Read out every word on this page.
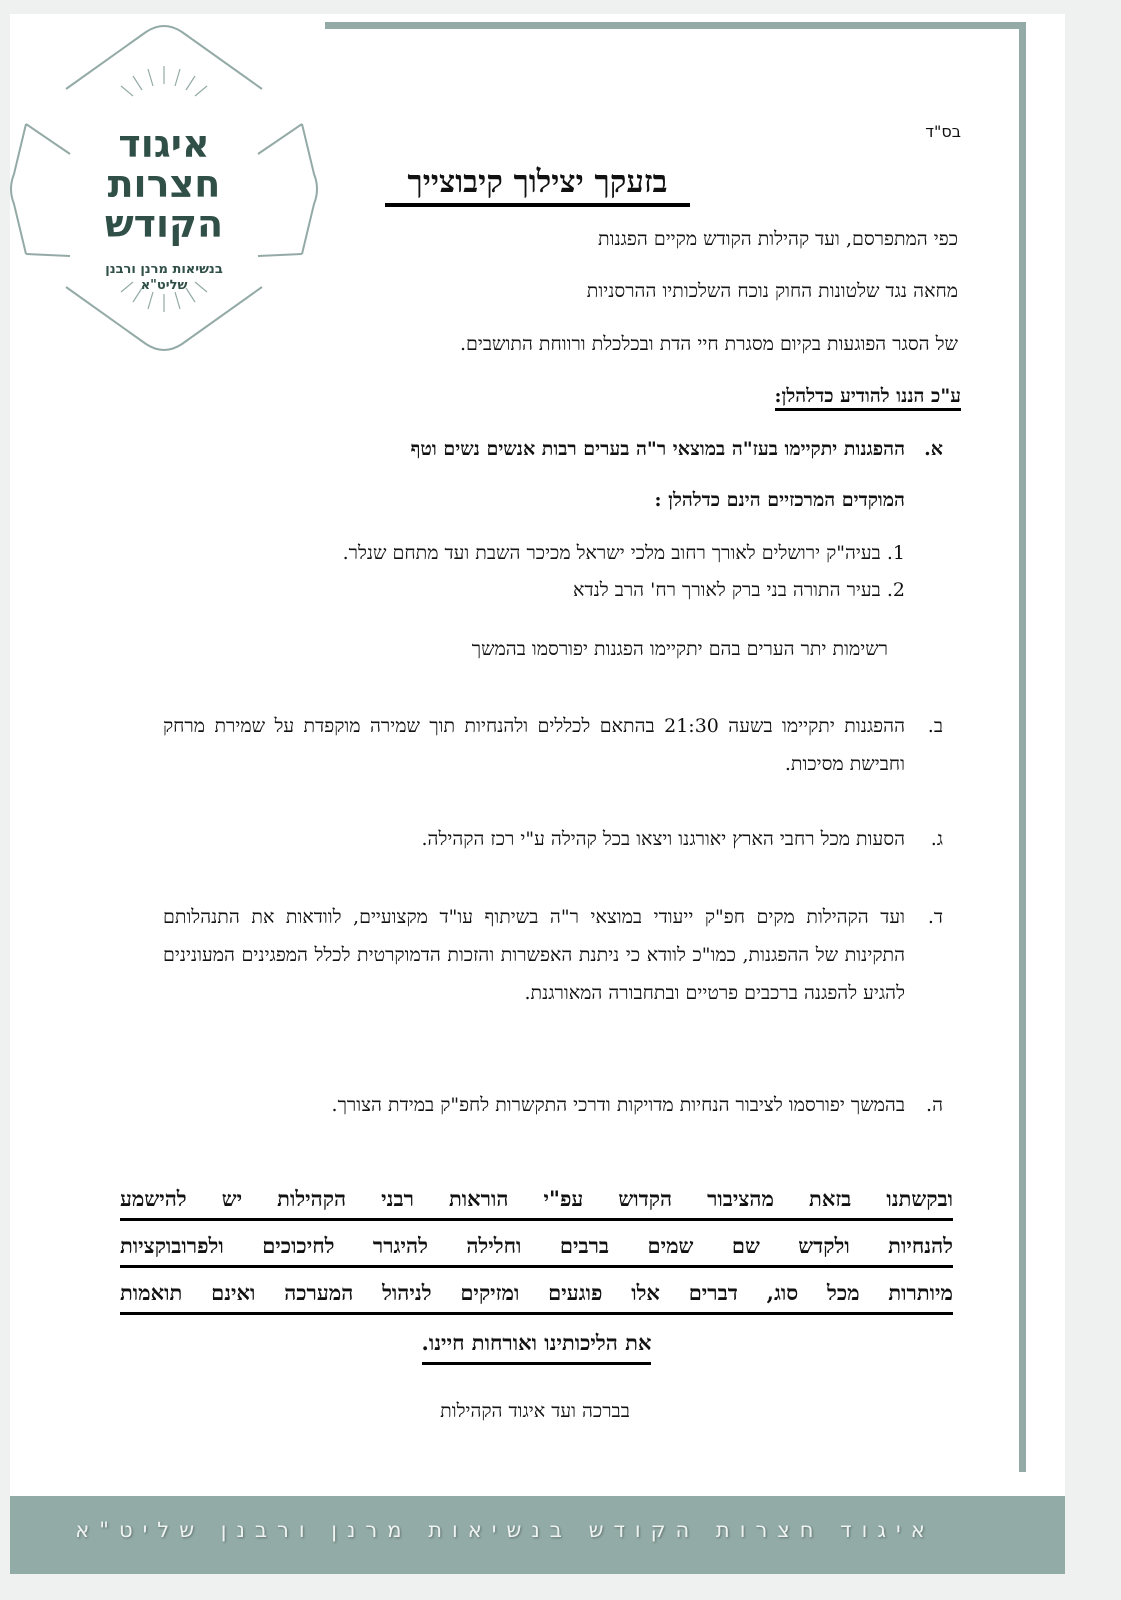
איגוד
חצרות
הקודש
בנשיאות מרנן ורבנן
שליט"א
בס"ד
בזעקך יצילוך קיבוצייך
כפי המתפרסם, ועד קהילות הקודש מקיים הפגנות
מחאה נגד שלטונות החוק נוכח השלכותיו ההרסניות
של הסגר הפוגעות בקיום מסגרת חיי הדת ובכלכלת ורווחת התושבים.
ע"כ הננו להודיע כדלהלן:
א.
ההפגנות יתקיימו בעז"ה במוצאי ר"ה בערים רבות אנשים נשים וטף
המוקדים המרכזיים הינם כדלהלן :
1. בעיה"ק ירושלים לאורך רחוב מלכי ישראל מכיכר השבת ועד מתחם שנלר.
2. בעיר התורה בני ברק לאורך רח' הרב לנדא
רשימות יתר הערים בהם יתקיימו הפגנות יפורסמו בהמשך
ב.
ההפגנות יתקיימו בשעה 21:30 בהתאם לכללים ולהנחיות תוך שמירה מוקפדת על שמירת מרחק וחבישת מסיכות.
ג.
הסעות מכל רחבי הארץ יאורגנו ויצאו בכל קהילה ע"י רכז הקהילה.
ד.
ועד הקהילות מקים חפ"ק ייעודי במוצאי ר"ה בשיתוף עו"ד מקצועיים, לוודאות את התנהלותם התקינות של ההפגנות, כמו"כ לוודא כי ניתנת האפשרות והזכות הדמוקרטית לכלל המפגינים המעונינים להגיע להפגנה ברכבים פרטיים ובתחבורה המאורגנת.
ה.
בהמשך יפורסמו לציבור הנחיות מדויקות ודרכי התקשרות לחפ"ק במידת הצורך.
ובקשתנו בזאת מהציבור הקדוש עפ"י הוראות רבני הקהילות יש להישמע
להנחיות ולקדש שם שמים ברבים וחלילה להיגרר לחיכוכים ולפרובוקציות
מיותרות מכל סוג, דברים אלו פוגעים ומזיקים לניהול המערכה ואינם תואמות
את הליכותינו ואורחות חיינו.
בברכה ועד איגוד הקהילות
איגוד חצרות הקודש בנשיאות מרנן ורבנן שליט"א
